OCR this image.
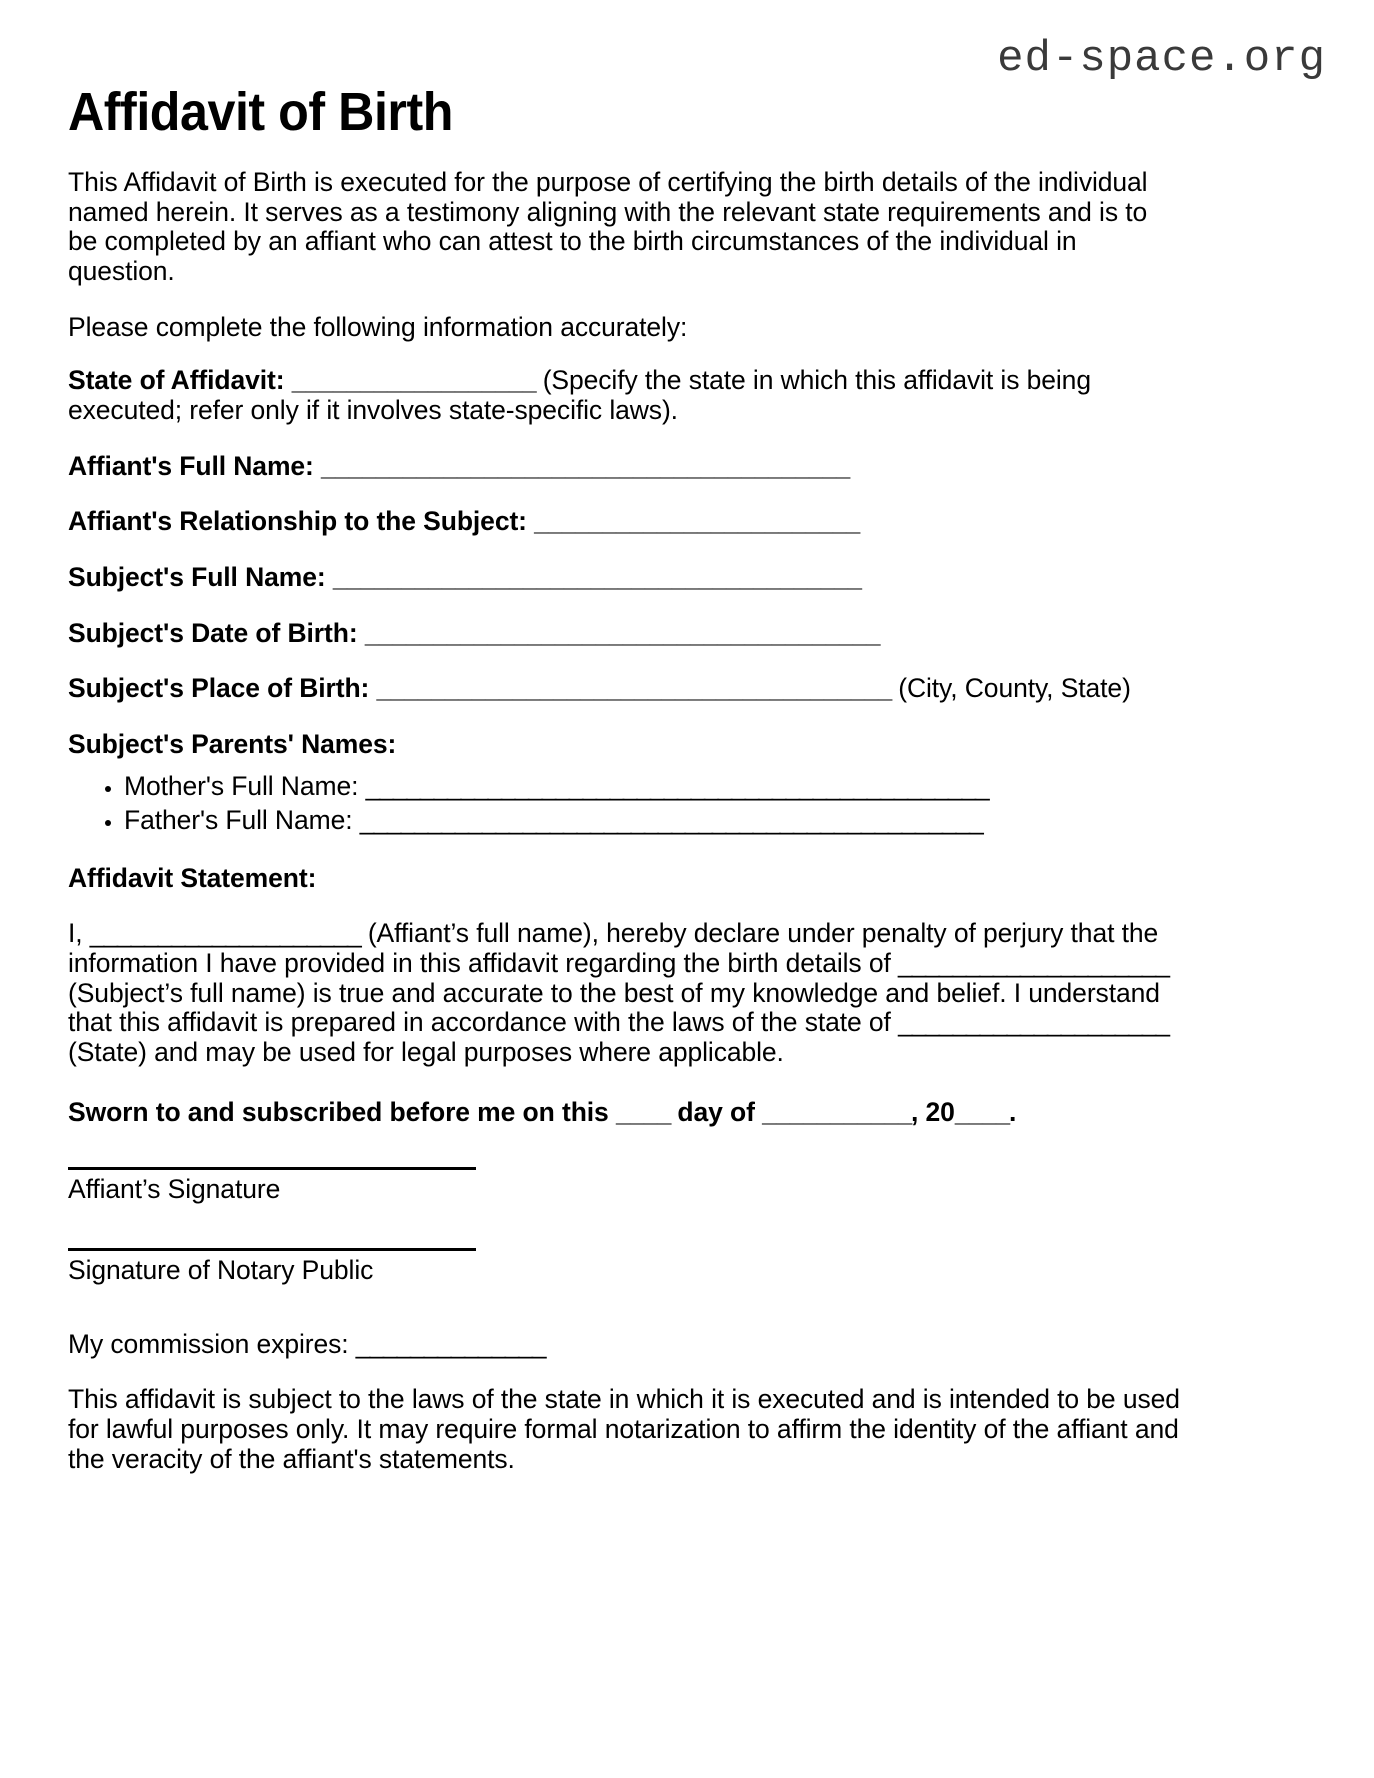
ed-space.org
Affidavit of Birth

This Affidavit of Birth is executed for the purpose of certifying the birth details of the individual named herein. It serves as a testimony aligning with the relevant state requirements and is to be completed by an affiant who can attest to the birth circumstances of the individual in question.

Please complete the following information accurately:

State of Affidavit: __________________ (Specify the state in which this affidavit is being executed; refer only if it involves state-specific laws).
Affiant's Full Name: _______________________________________
Affiant's Relationship to the Subject: ________________________
Subject's Full Name: _______________________________________
Subject's Date of Birth: ______________________________________
Subject's Place of Birth: ______________________________________ (City, County, State)
Subject's Parents' Names:
• Mother's Full Name: ______________________________________________
• Father's Full Name: ______________________________________________
Affidavit Statement:

I, ____________________ (Affiant’s full name), hereby declare under penalty of perjury that the information I have provided in this affidavit regarding the birth details of ____________________ (Subject’s full name) is true and accurate to the best of my knowledge and belief. I understand that this affidavit is prepared in accordance with the laws of the state of ____________________ (State) and may be used for legal purposes where applicable.

Sworn to and subscribed before me on this ____ day of ___________, 20____.

Affiant’s Signature

Signature of Notary Public

My commission expires: ______________

This affidavit is subject to the laws of the state in which it is executed and is intended to be used for lawful purposes only. It may require formal notarization to affirm the identity of the affiant and the veracity of the affiant's statements.
